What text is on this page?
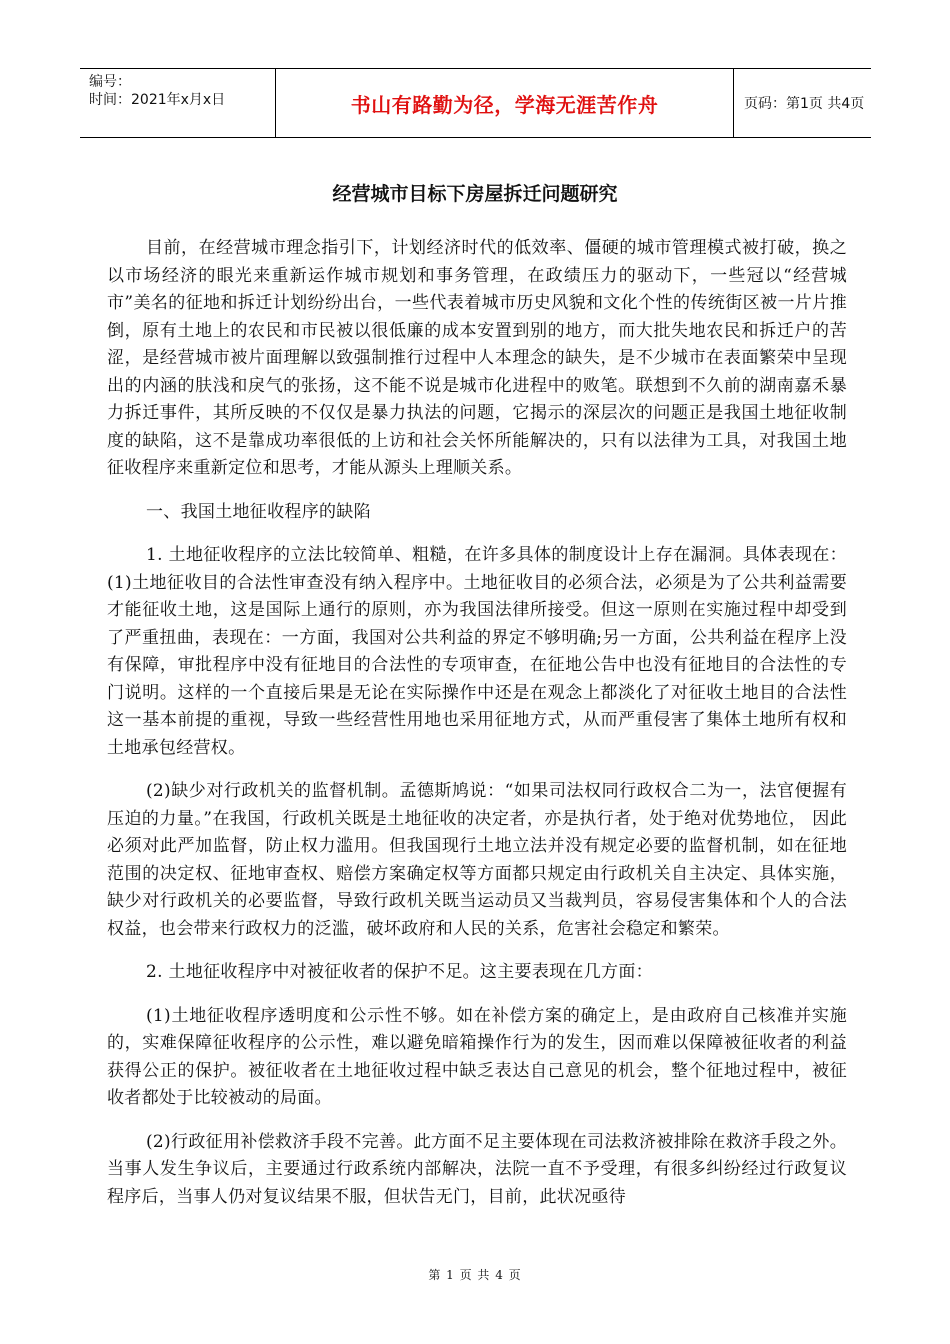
编号：
时间：2021年x月x日	书山有路勤为径，学海无涯苦作舟	页码：第1页 共4页
经营城市目标下房屋拆迁问题研究

目前，在经营城市理念指引下，计划经济时代的低效率、僵硬的城市管理模式被打破，换之以市场经济的眼光来重新运作城市规划和事务管理，在政绩压力的驱动下，一些冠以“经营城市”美名的征地和拆迁计划纷纷出台，一些代表着城市历史风貌和文化个性的传统街区被一片片推倒，原有土地上的农民和市民被以很低廉的成本安置到别的地方，而大批失地农民和拆迁户的苦涩，是经营城市被片面理解以致强制推行过程中人本理念的缺失，是不少城市在表面繁荣中呈现出的内涵的肤浅和戾气的张扬，这不能不说是城市化进程中的败笔。联想到不久前的湖南嘉禾暴力拆迁事件，其所反映的不仅仅是暴力执法的问题，它揭示的深层次的问题正是我国土地征收制度的缺陷，这不是靠成功率很低的上访和社会关怀所能解决的，只有以法律为工具，对我国土地征收程序来重新定位和思考，才能从源头上理顺关系。

一、我国土地征收程序的缺陷

1. 土地征收程序的立法比较简单、粗糙，在许多具体的制度设计上存在漏洞。具体表现在：(1)土地征收目的合法性审查没有纳入程序中。土地征收目的必须合法，必须是为了公共利益需要才能征收土地，这是国际上通行的原则，亦为我国法律所接受。但这一原则在实施过程中却受到了严重扭曲，表现在：一方面，我国对公共利益的界定不够明确;另一方面，公共利益在程序上没有保障，审批程序中没有征地目的合法性的专项审查，在征地公告中也没有征地目的合法性的专门说明。这样的一个直接后果是无论在实际操作中还是在观念上都淡化了对征收土地目的合法性这一基本前提的重视，导致一些经营性用地也采用征地方式，从而严重侵害了集体土地所有权和土地承包经营权。

(2)缺少对行政机关的监督机制。孟德斯鸠说：“如果司法权同行政权合二为一，法官便握有压迫的力量。”在我国，行政机关既是土地征收的决定者，亦是执行者，处于绝对优势地位， 因此必须对此严加监督，防止权力滥用。但我国现行土地立法并没有规定必要的监督机制，如在征地范围的决定权、征地审查权、赔偿方案确定权等方面都只规定由行政机关自主决定、具体实施，缺少对行政机关的必要监督，导致行政机关既当运动员又当裁判员，容易侵害集体和个人的合法权益，也会带来行政权力的泛滥，破坏政府和人民的关系，危害社会稳定和繁荣。

2. 土地征收程序中对被征收者的保护不足。这主要表现在几方面：

(1)土地征收程序透明度和公示性不够。如在补偿方案的确定上，是由政府自己核准并实施的，实难保障征收程序的公示性，难以避免暗箱操作行为的发生，因而难以保障被征收者的利益获得公正的保护。被征收者在土地征收过程中缺乏表达自己意见的机会，整个征地过程中，被征收者都处于比较被动的局面。

(2)行政征用补偿救济手段不完善。此方面不足主要体现在司法救济被排除在救济手段之外。当事人发生争议后，主要通过行政系统内部解决，法院一直不予受理，有很多纠纷经过行政复议程序后，当事人仍对复议结果不服，但状告无门，目前，此状况亟待

第 1 页 共 4 页
